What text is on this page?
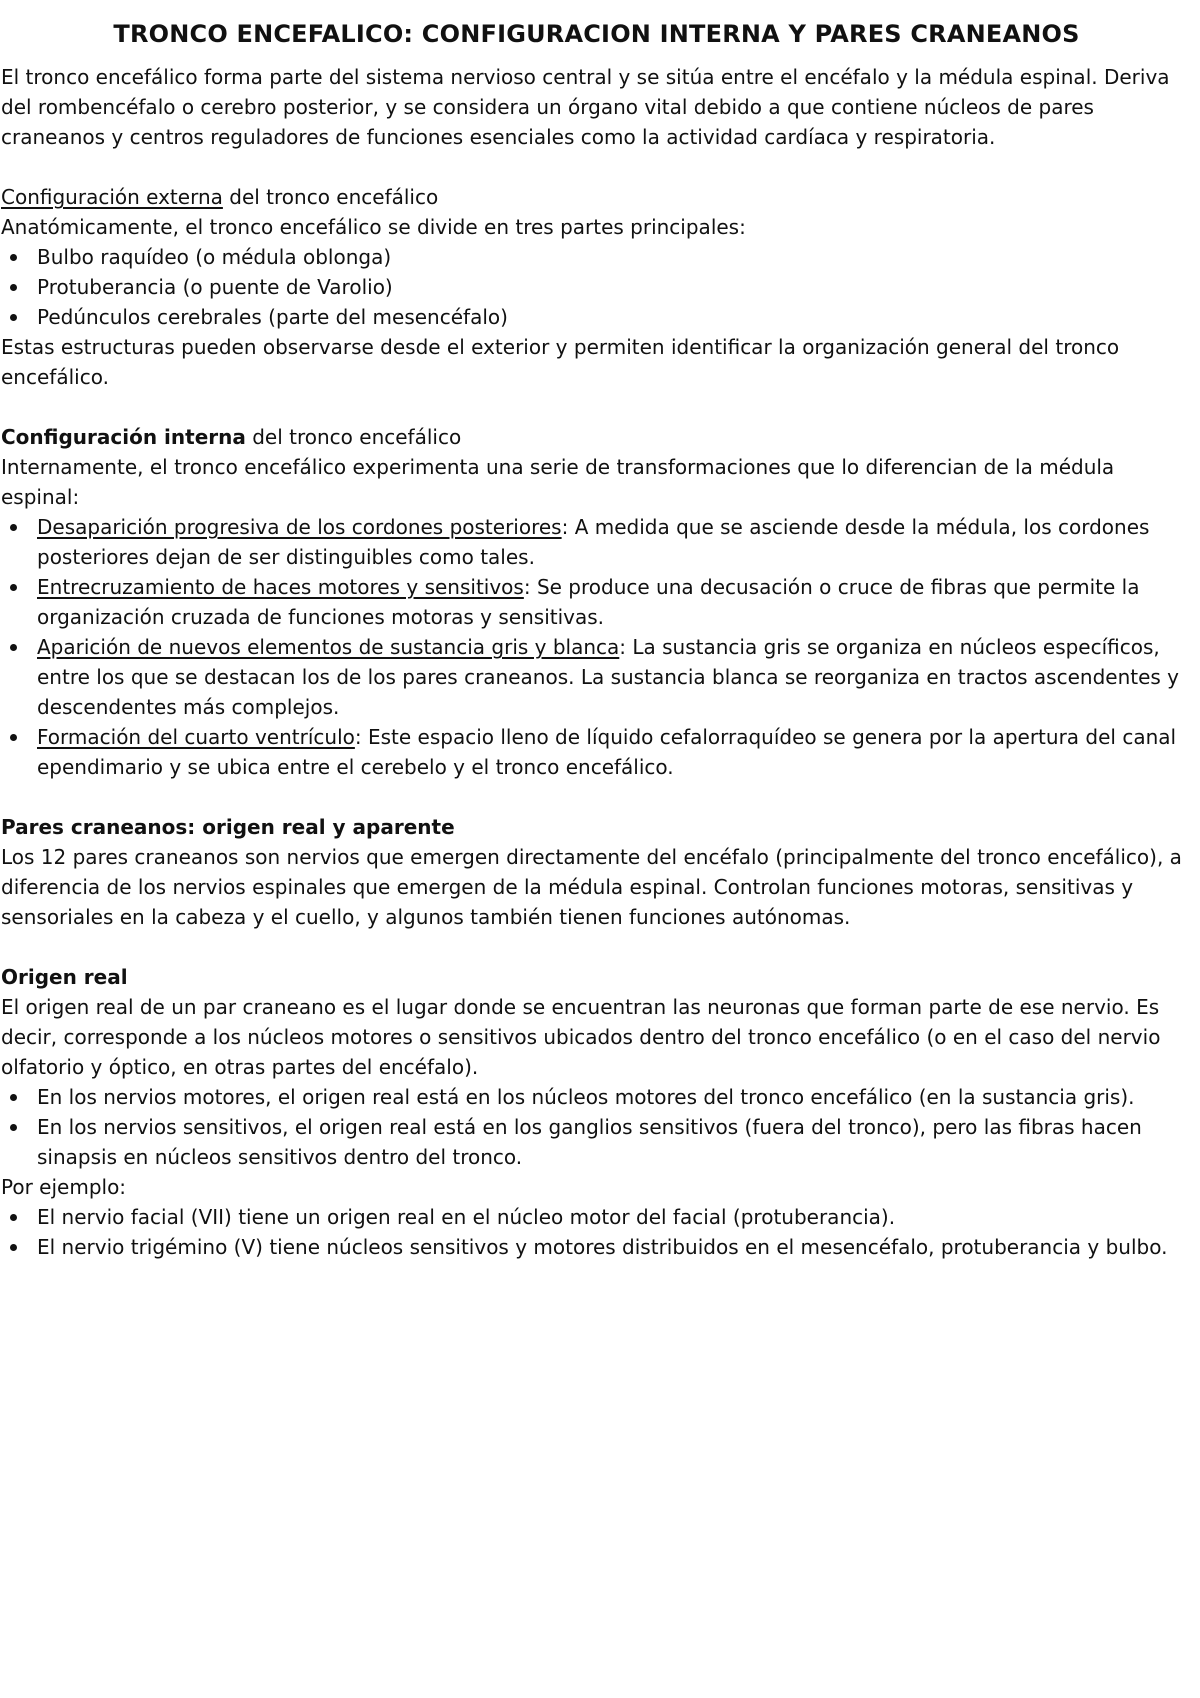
TRONCO ENCEFALICO: CONFIGURACION INTERNA Y PARES CRANEANOS

El tronco encefálico forma parte del sistema nervioso central y se sitúa entre el encéfalo y la médula espinal. Deriva del rombencéfalo o cerebro posterior, y se considera un órgano vital debido a que contiene núcleos de pares craneanos y centros reguladores de funciones esenciales como la actividad cardíaca y respiratoria.

Configuración externa del tronco encefálico

Anatómicamente, el tronco encefálico se divide en tres partes principales:

Bulbo raquídeo (o médula oblonga)
Protuberancia (o puente de Varolio)
Pedúnculos cerebrales (parte del mesencéfalo)

Estas estructuras pueden observarse desde el exterior y permiten identificar la organización general del tronco encefálico.

Configuración interna del tronco encefálico

Internamente, el tronco encefálico experimenta una serie de transformaciones que lo diferencian de la médula espinal:

Desaparición progresiva de los cordones posteriores: A medida que se asciende desde la médula, los cordones posteriores dejan de ser distinguibles como tales.
Entrecruzamiento de haces motores y sensitivos: Se produce una decusación o cruce de fibras que permite la organización cruzada de funciones motoras y sensitivas.
Aparición de nuevos elementos de sustancia gris y blanca: La sustancia gris se organiza en núcleos específicos, entre los que se destacan los de los pares craneanos. La sustancia blanca se reorganiza en tractos ascendentes y descendentes más complejos.
Formación del cuarto ventrículo: Este espacio lleno de líquido cefalorraquídeo se genera por la apertura del canal ependimario y se ubica entre el cerebelo y el tronco encefálico.

Pares craneanos: origen real y aparente

Los 12 pares craneanos son nervios que emergen directamente del encéfalo (principalmente del tronco encefálico), a diferencia de los nervios espinales que emergen de la médula espinal. Controlan funciones motoras, sensitivas y sensoriales en la cabeza y el cuello, y algunos también tienen funciones autónomas.

Origen real

El origen real de un par craneano es el lugar donde se encuentran las neuronas que forman parte de ese nervio. Es decir, corresponde a los núcleos motores o sensitivos ubicados dentro del tronco encefálico (o en el caso del nervio olfatorio y óptico, en otras partes del encéfalo).

En los nervios motores, el origen real está en los núcleos motores del tronco encefálico (en la sustancia gris).
En los nervios sensitivos, el origen real está en los ganglios sensitivos (fuera del tronco), pero las fibras hacen sinapsis en núcleos sensitivos dentro del tronco.

Por ejemplo:

El nervio facial (VII) tiene un origen real en el núcleo motor del facial (protuberancia).
El nervio trigémino (V) tiene núcleos sensitivos y motores distribuidos en el mesencéfalo, protuberancia y bulbo.
